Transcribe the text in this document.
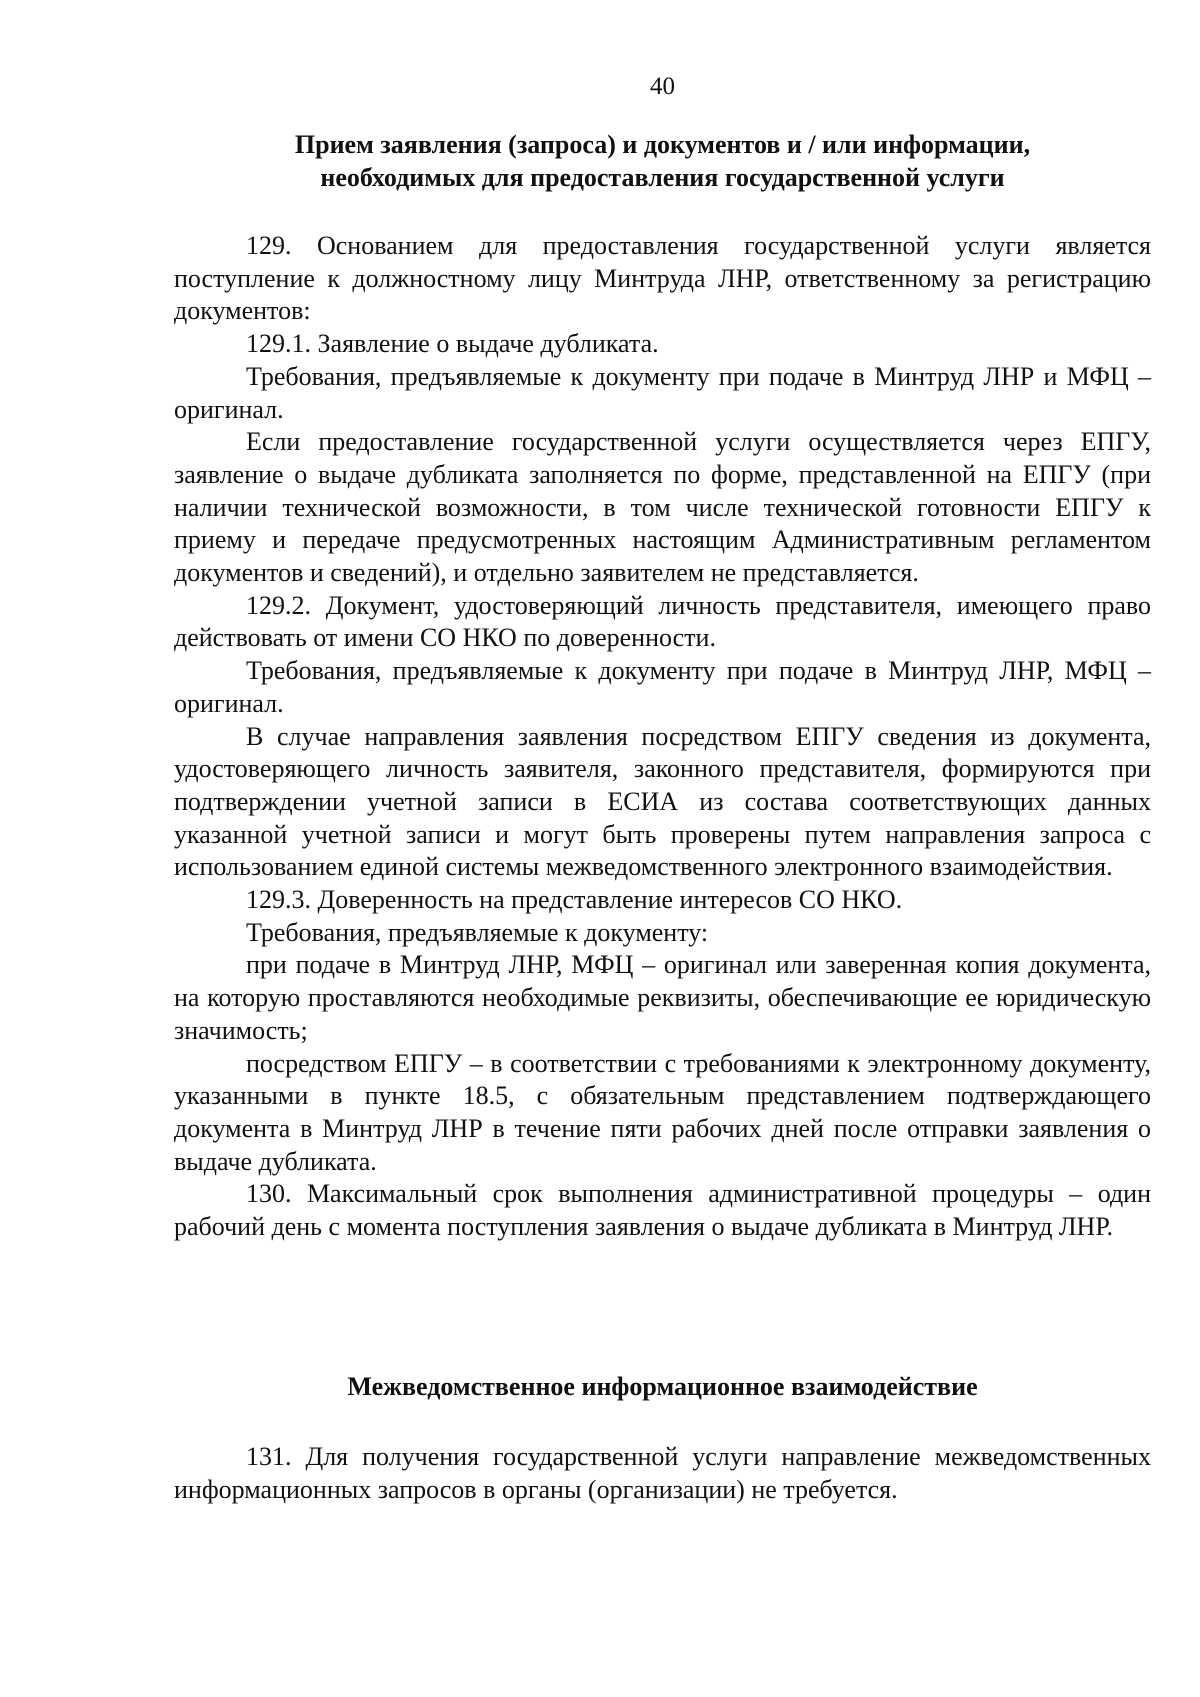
40
Прием заявления (запроса) и документов и / или информации,
необходимых для предоставления государственной услуги

129. Основанием для предоставления государственной услуги является поступление к должностному лицу Минтруда ЛНР, ответственному за регистрацию документов:

129.1. Заявление о выдаче дубликата.

Требования, предъявляемые к документу при подаче в Минтруд ЛНР и МФЦ – оригинал.

Если предоставление государственной услуги осуществляется через ЕПГУ, заявление о выдаче дубликата заполняется по форме, представленной на ЕПГУ (при наличии технической возможности, в том числе технической готовности ЕПГУ к приему и передаче предусмотренных настоящим Административным регламентом документов и сведений), и отдельно заявителем не представляется.

129.2. Документ, удостоверяющий личность представителя, имеющего право действовать от имени СО НКО по доверенности.

Требования, предъявляемые к документу при подаче в Минтруд ЛНР, МФЦ – оригинал.

В случае направления заявления посредством ЕПГУ сведения из документа, удостоверяющего личность заявителя, законного представителя, формируются при подтверждении учетной записи в ЕСИА из состава соответствующих данных указанной учетной записи и могут быть проверены путем направления запроса с использованием единой системы межведомственного электронного взаимодействия.

129.3. Доверенность на представление интересов СО НКО.

Требования, предъявляемые к документу:

при подаче в Минтруд ЛНР, МФЦ – оригинал или заверенная копия документа, на которую проставляются необходимые реквизиты, обеспечивающие ее юридическую значимость;

посредством ЕПГУ – в соответствии с требованиями к электронному документу, указанными в пункте 18.5, с обязательным представлением подтверждающего документа в Минтруд ЛНР в течение пяти рабочих дней после отправки заявления о выдаче дубликата.

130. Максимальный срок выполнения административной процедуры – один рабочий день с момента поступления заявления о выдаче дубликата в Минтруд ЛНР.

Межведомственное информационное взаимодействие

131. Для получения государственной услуги направление межведомственных информационных запросов в органы (организации) не требуется.
